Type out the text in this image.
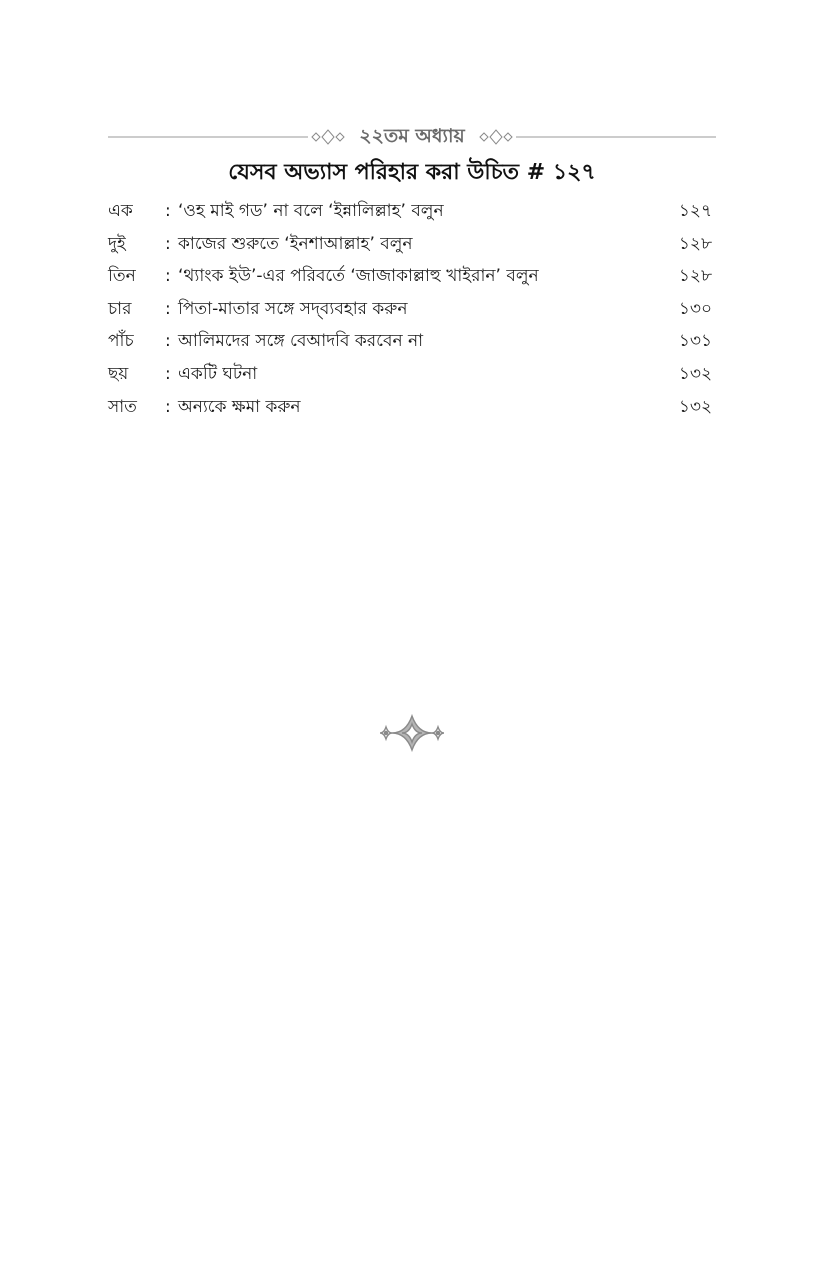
২২তম অধ্যায়
যেসব অভ্যাস পরিহার করা উচিত # ১২৭
এক	: ‘ওহ মাই গড’ না বলে ‘ইন্নালিল্লাহ’ বলুন	১২৭
দুই	: কাজের শুরুতে ‘ইনশাআল্লাহ’ বলুন	১২৮
তিন	: ‘থ্যাংক ইউ’-এর পরিবর্তে ‘জাজাকাল্লাহু খাইরান’ বলুন	১২৮
চার	: পিতা-মাতার সঙ্গে সদ্‌ব্যবহার করুন	১৩০
পাঁচ	: আলিমদের সঙ্গে বেআদবি করবেন না	১৩১
ছয়	: একটি ঘটনা	১৩২
সাত	: অন্যকে ক্ষমা করুন	১৩২
